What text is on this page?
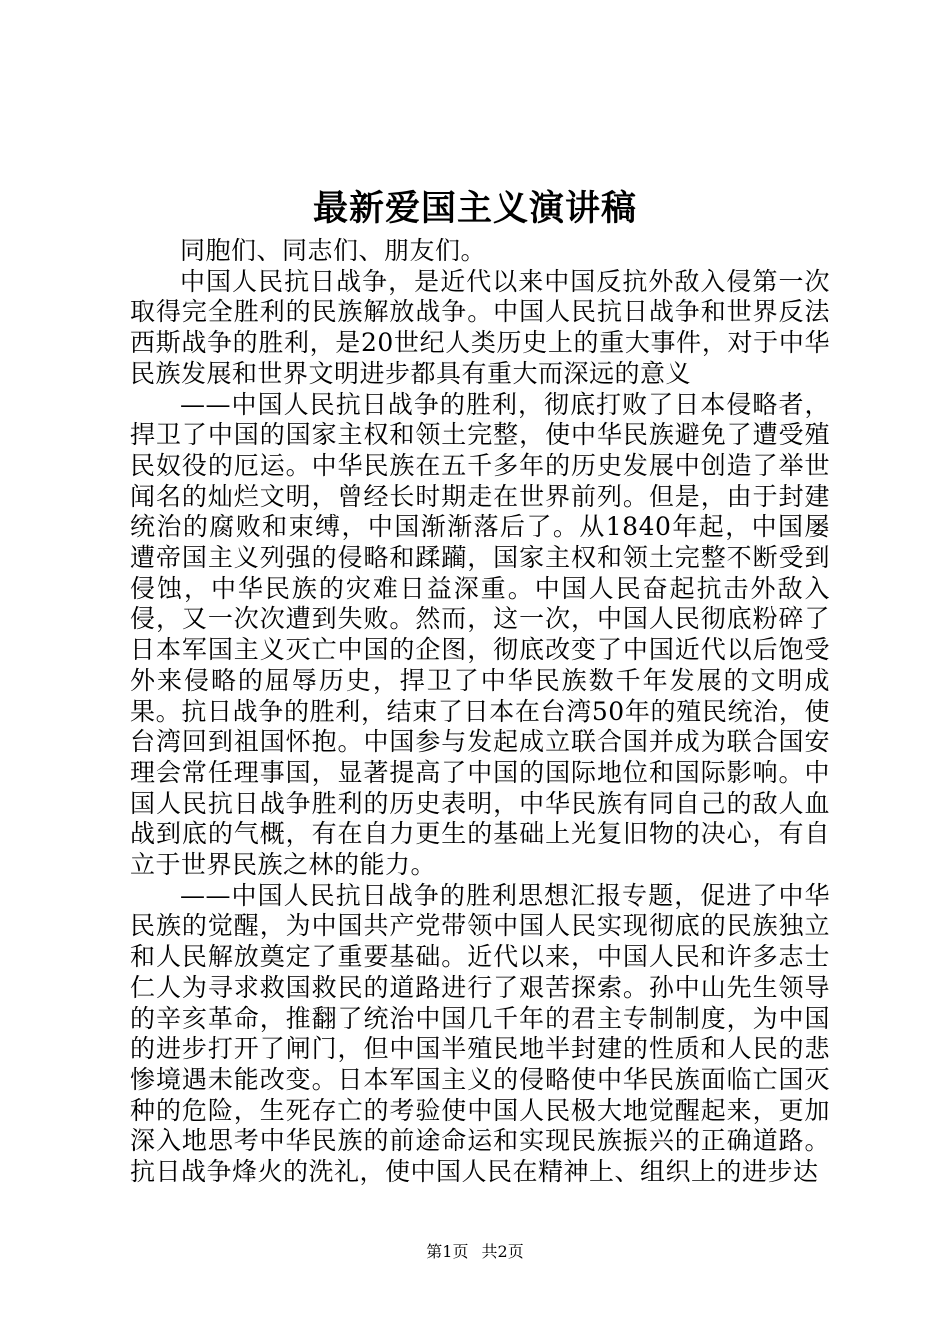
最新爱国主义演讲稿

同胞们、同志们、朋友们。

中国人民抗日战争，是近代以来中国反抗外敌入侵第一次取得完全胜利的民族解放战争。中国人民抗日战争和世界反法西斯战争的胜利，是20世纪人类历史上的重大事件，对于中华民族发展和世界文明进步都具有重大而深远的意义

——中国人民抗日战争的胜利，彻底打败了日本侵略者，捍卫了中国的国家主权和领土完整，使中华民族避免了遭受殖民奴役的厄运。中华民族在五千多年的历史发展中创造了举世闻名的灿烂文明，曾经长时期走在世界前列。但是，由于封建统治的腐败和束缚，中国渐渐落后了。从1840年起，中国屡遭帝国主义列强的侵略和蹂躏，国家主权和领土完整不断受到侵蚀，中华民族的灾难日益深重。中国人民奋起抗击外敌入侵，又一次次遭到失败。然而，这一次，中国人民彻底粉碎了日本军国主义灭亡中国的企图，彻底改变了中国近代以后饱受外来侵略的屈辱历史，捍卫了中华民族数千年发展的文明成果。抗日战争的胜利，结束了日本在台湾50年的殖民统治，使台湾回到祖国怀抱。中国参与发起成立联合国并成为联合国安理会常任理事国，显著提高了中国的国际地位和国际影响。中国人民抗日战争胜利的历史表明，中华民族有同自己的敌人血战到底的气概，有在自力更生的基础上光复旧物的决心，有自立于世界民族之林的能力。

——中国人民抗日战争的胜利思想汇报专题，促进了中华民族的觉醒，为中国共产党带领中国人民实现彻底的民族独立和人民解放奠定了重要基础。近代以来，中国人民和许多志士仁人为寻求救国救民的道路进行了艰苦探索。孙中山先生领导的辛亥革命，推翻了统治中国几千年的君主专制制度，为中国的进步打开了闸门，但中国半殖民地半封建的性质和人民的悲惨境遇未能改变。日本军国主义的侵略使中华民族面临亡国灭种的危险，生死存亡的考验使中国人民极大地觉醒起来，更加深入地思考中华民族的前途命运和实现民族振兴的正确道路。抗日战争烽火的洗礼，使中国人民在精神上、组织上的进步达

第1页 共2页
